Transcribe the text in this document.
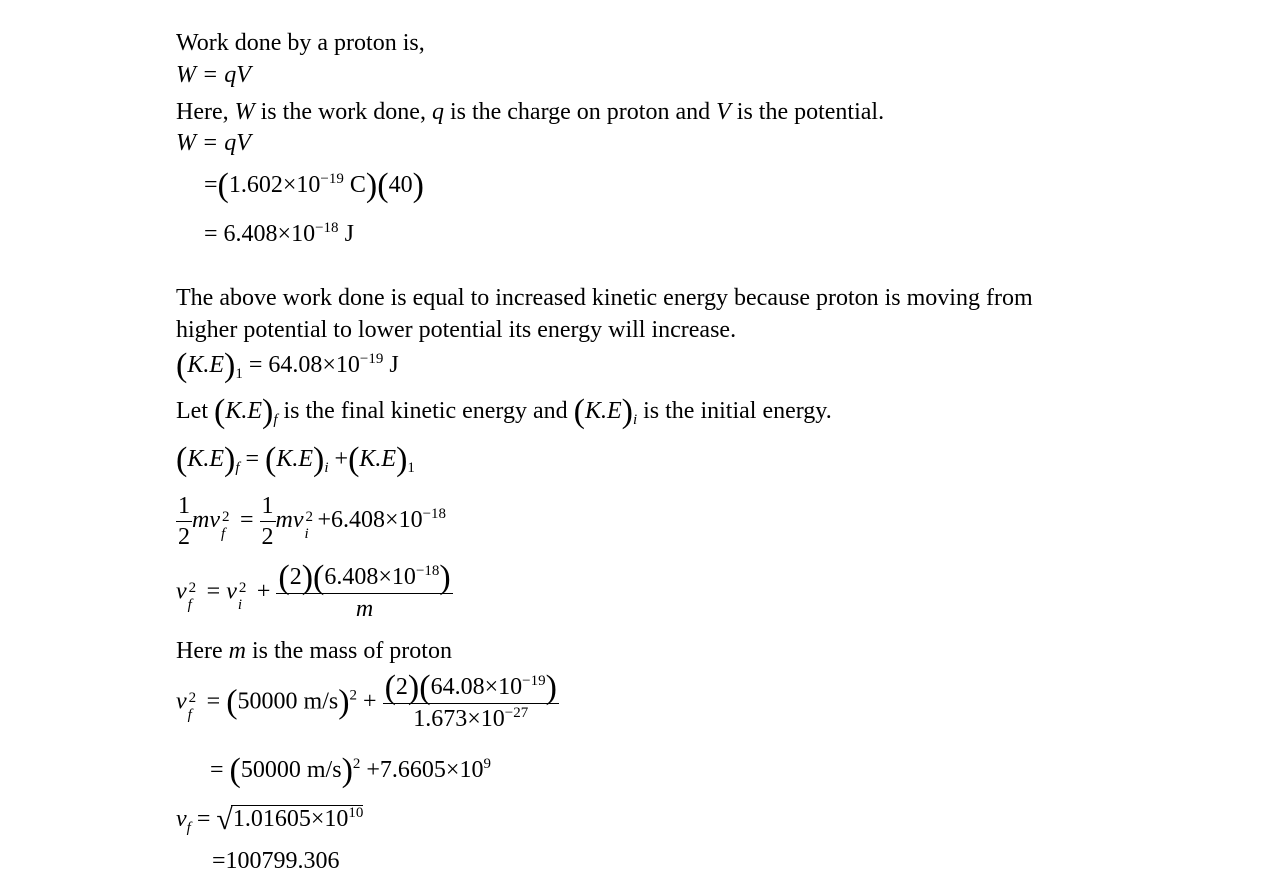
Work done by a proton is,
W = qV
Here, W is the work done, q is the charge on proton and V is the potential.
W = qV
$=(1.602\times 10^{-19}$ C)(40)
= $6.408\times 10^{-18}$ J
The above work done is equal to increased kinetic energy because proton is moving from
higher potential to lower potential its energy will increase.
$(K.E)_1 = 64.08\times 10^{-19}$ J
Let $(K.E)_f$ is the final kinetic energy and $(K.E)_i$ is the initial energy.
$(K.E)_f = (K.E)_i +(K.E)_1$
$\frac{1}{2}$ mv 2
f
= $\frac{1}{2}$ mv 2
i
$+6.408\times 10^{-18}$
v 2
f
= v 2
i
+ $\frac{(2)(6.408\times 10^{-18})}{m}$
Here m is the mass of proton
v 2
f
= (50000 $m/s)^2 + \frac{(2)(64.08\times 10^{-19})}{1.673\times 10^{-27}}$
= (50000 $m/s)^2 +7.6605\times 10^9$
$v_f = √1.01605\times 10^{10}$
=100799.306
